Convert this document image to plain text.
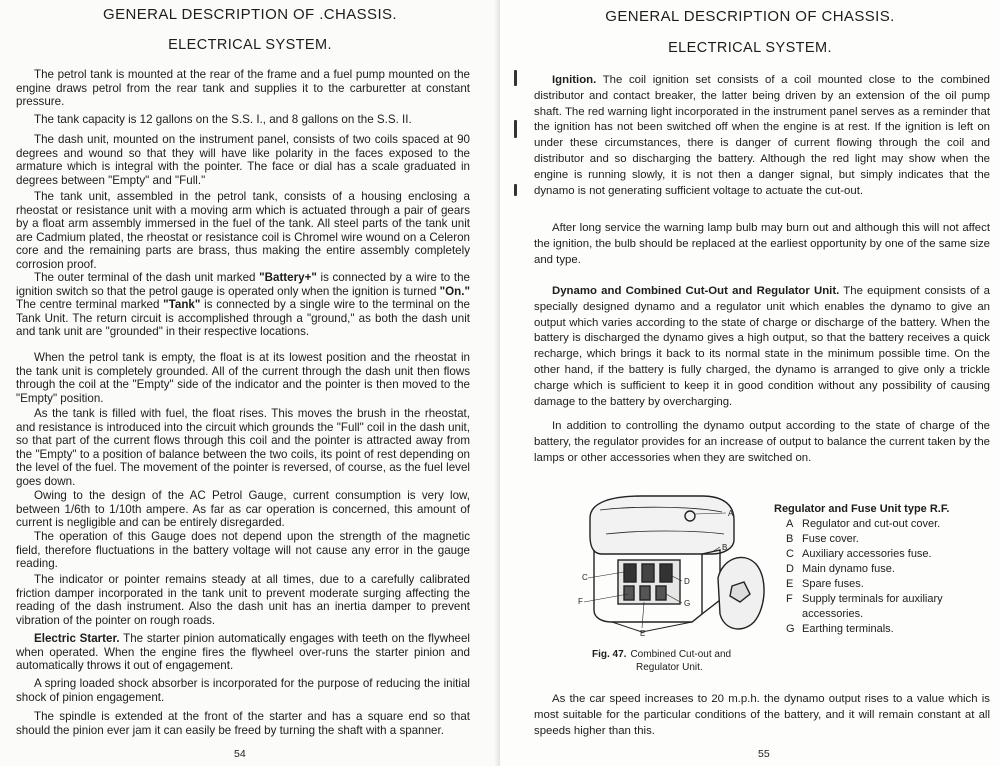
GENERAL DESCRIPTION OF .CHASSIS.
ELECTRICAL SYSTEM.

The petrol tank is mounted at the rear of the frame and a fuel pump mounted on the engine draws petrol from the rear tank and supplies it to the carburetter at constant pressure.

The tank capacity is 12 gallons on the S.S. I., and 8 gallons on the S.S. II.

The dash unit, mounted on the instrument panel, consists of two coils spaced at 90 degrees and wound so that they will have like polarity in the faces exposed to the armature which is integral with the pointer. The face or dial has a scale graduated in degrees between "Empty" and "Full."

The tank unit, assembled in the petrol tank, consists of a housing enclosing a rheostat or resistance unit with a moving arm which is actuated through a pair of gears by a float arm assembly immersed in the fuel of the tank. All steel parts of the tank unit are Cadmium plated, the rheostat or resistance coil is Chromel wire wound on a Celeron core and the remaining parts are brass, thus making the entire assembly completely corrosion proof.

The outer terminal of the dash unit marked "Battery+" is connected by a wire to the ignition switch so that the petrol gauge is operated only when the ignition is turned "On." The centre terminal marked "Tank" is connected by a single wire to the terminal on the Tank Unit. The return circuit is accomplished through a "ground," as both the dash unit and tank unit are "grounded" in their respective locations.

When the petrol tank is empty, the float is at its lowest position and the rheostat in the tank unit is completely grounded. All of the current through the dash unit then flows through the coil at the "Empty" side of the indicator and the pointer is then moved to the "Empty" position.

As the tank is filled with fuel, the float rises. This moves the brush in the rheostat, and resistance is introduced into the circuit which grounds the "Full" coil in the dash unit, so that part of the current flows through this coil and the pointer is attracted away from the "Empty" to a position of balance between the two coils, its point of rest depending on the level of the fuel. The movement of the pointer is reversed, of course, as the fuel level goes down.

Owing to the design of the AC Petrol Gauge, current consumption is very low, between 1/6th to 1/10th ampere. As far as car operation is concerned, this amount of current is negligible and can be entirely disregarded.

The operation of this Gauge does not depend upon the strength of the magnetic field, therefore fluctuations in the battery voltage will not cause any error in the gauge reading.

The indicator or pointer remains steady at all times, due to a carefully calibrated friction damper incorporated in the tank unit to prevent moderate surging affecting the reading of the dash instrument. Also the dash unit has an inertia damper to prevent vibration of the pointer on rough roads.

Electric Starter. The starter pinion automatically engages with teeth on the flywheel when operated. When the engine fires the flywheel over-runs the starter pinion and automatically throws it out of engagement.

A spring loaded shock absorber is incorporated for the purpose of reducing the initial shock of pinion engagement.

The spindle is extended at the front of the starter and has a square end so that should the pinion ever jam it can easily be freed by turning the shaft with a spanner.

54
GENERAL DESCRIPTION OF CHASSIS.
ELECTRICAL SYSTEM.

Ignition. The coil ignition set consists of a coil mounted close to the combined distributor and contact breaker, the latter being driven by an extension of the oil pump shaft. The red warning light incorporated in the instrument panel serves as a reminder that the ignition has not been switched off when the engine is at rest. If the ignition is left on under these circumstances, there is danger of current flowing through the coil and distributor and so discharging the battery. Although the red light may show when the engine is running slowly, it is not then a danger signal, but simply indicates that the dynamo is not generating sufficient voltage to actuate the cut-out.

After long service the warning lamp bulb may burn out and although this will not affect the ignition, the bulb should be replaced at the earliest opportunity by one of the same size and type.

Dynamo and Combined Cut-Out and Regulator Unit. The equipment consists of a specially designed dynamo and a regulator unit which enables the dynamo to give an output which varies according to the state of charge or discharge of the battery. When the battery is discharged the dynamo gives a high output, so that the battery receives a quick recharge, which brings it back to its normal state in the minimum possible time. On the other hand, if the battery is fully charged, the dynamo is arranged to give only a trickle charge which is sufficient to keep it in good condition without any possibility of causing damage to the battery by overcharging.

In addition to controlling the dynamo output according to the state of charge of the battery, the regulator provides for an increase of output to balance the current taken by the lamps or other accessories when they are switched on.

A
B
C	D
E
F	G
Fig. 47. Combined Cut-out and
Regulator Unit.
Regulator and Fuse Unit type R.F.
A Regulator and cut-out cover.
B Fuse cover.
C Auxiliary accessories fuse.
D Main dynamo fuse.
E Spare fuses.
F Supply terminals for auxiliary accessories.
G Earthing terminals.

As the car speed increases to 20 m.p.h. the dynamo output rises to a value which is most suitable for the particular conditions of the battery, and it will remain constant at all speeds higher than this.

55
